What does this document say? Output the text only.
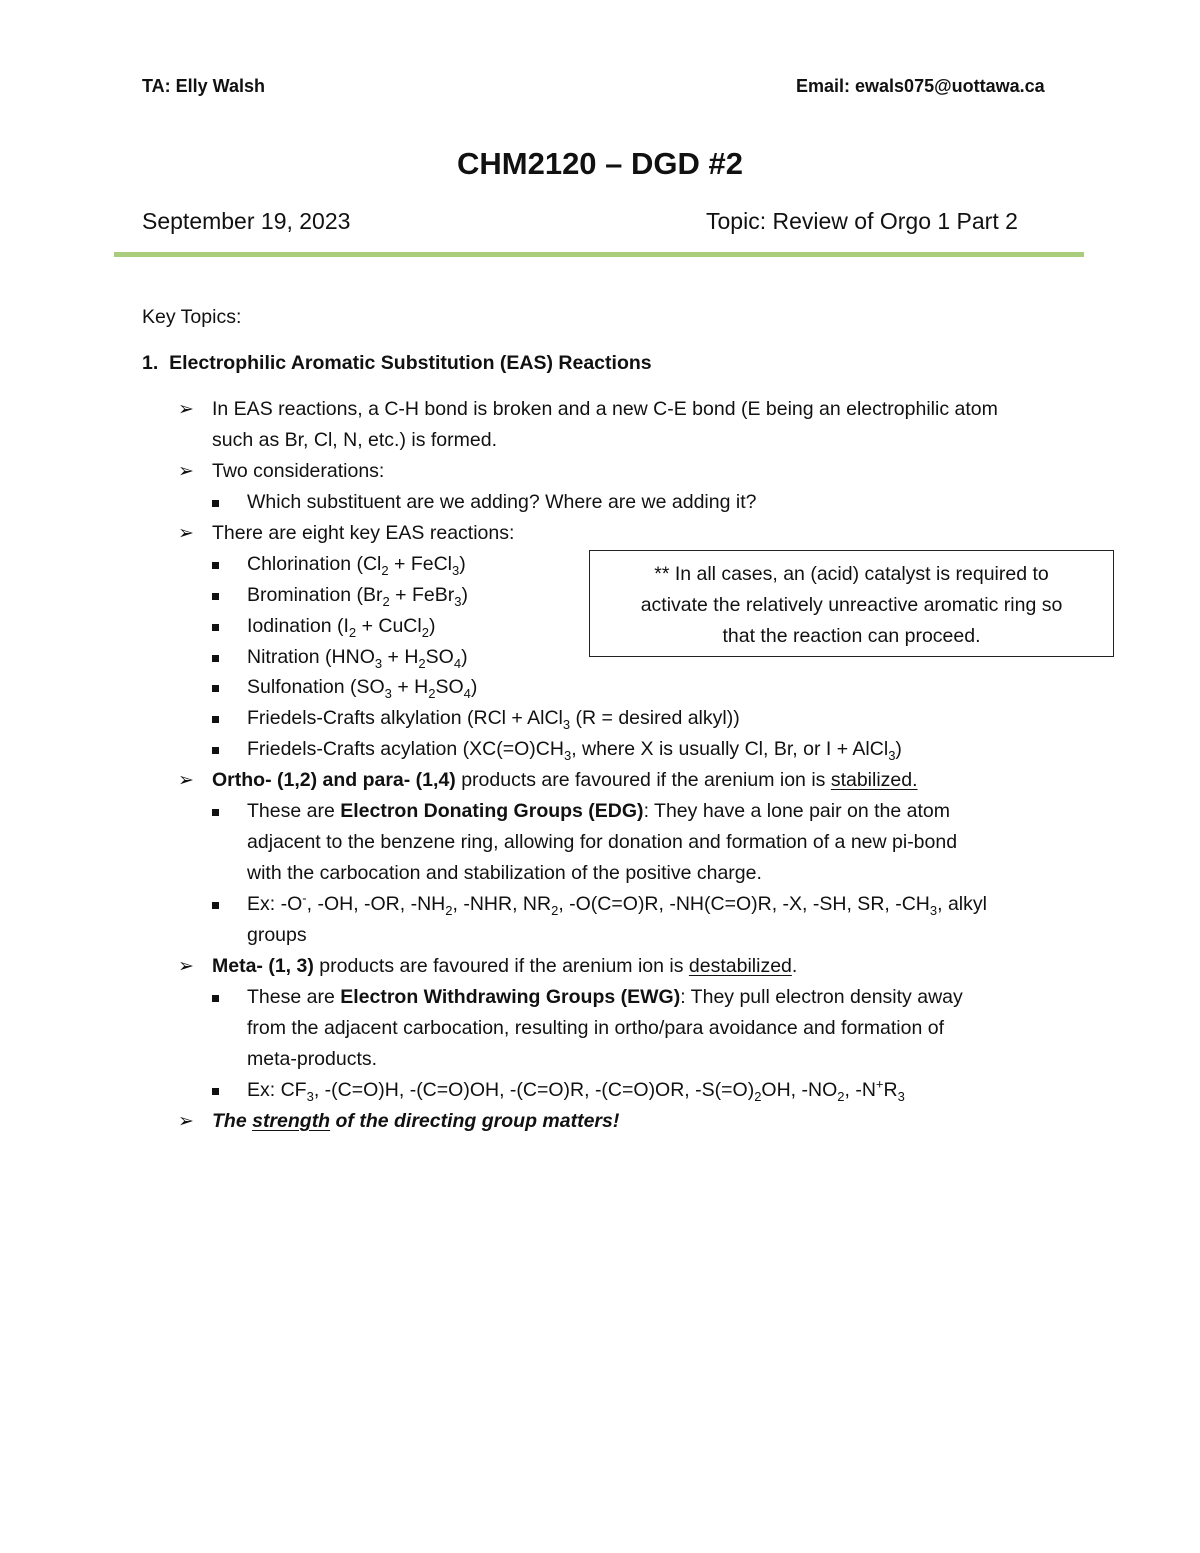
TA: Elly Walsh	Email: ewals075@uottawa.ca
CHM2120 – DGD #2
September 19, 2023	Topic: Review of Orgo 1 Part 2
Key Topics:
1. Electrophilic Aromatic Substitution (EAS) Reactions
➢ In EAS reactions, a C-H bond is broken and a new C-E bond (E being an electrophilic atom
such as Br, Cl, N, etc.) is formed.
➢ Two considerations:
Which substituent are we adding? Where are we adding it?
➢ There are eight key EAS reactions:
Chlorination ($Cl_2$ + FeCl$_3$)
Bromination ($Br_2$ + FeBr$_3$)
Iodination ($I_2$ + CuCl$_2$)
Nitration $(HNO_3 + H_2SO_4)$
Sulfonation $(SO_3 + H_2SO_4)$
Friedels-Crafts alkylation (RCl + AlCl$_3$ (R = desired alkyl))
Friedels-Crafts acylation ($XC(=O)CH_3$, where X is usually Cl, Br, or I + AlCl$_3$)
** In all cases, an (acid) catalyst is required to
activate the relatively unreactive aromatic ring so
that the reaction can proceed.
➢ Ortho- (1,2) and para- (1,4) products are favoured if the arenium ion is stabilized.
These are Electron Donating Groups (EDG): They have a lone pair on the atom
adjacent to the benzene ring, allowing for donation and formation of a new pi-bond
with the carbocation and stabilization of the positive charge.
Ex: -O-, -OH, -OR, $-NH_2$, -NHR, $NR_2$, -O(C=O)R, -NH(C=O)R, -X, -SH, SR, $-CH_3$, alkyl
groups
➢ Meta- (1, 3) products are favoured if the arenium ion is destabilized.
These are Electron Withdrawing Groups (EWG): They pull electron density away
from the adjacent carbocation, resulting in ortho/para avoidance and formation of
meta-products.
Ex: $CF_3$, -(C=O)H, -(C=O)OH, -(C=O)R, -(C=O)OR, $-S(=O)_2OH$, $-NO_2$, $-N^+R_3$
➢ The strength of the directing group matters!
